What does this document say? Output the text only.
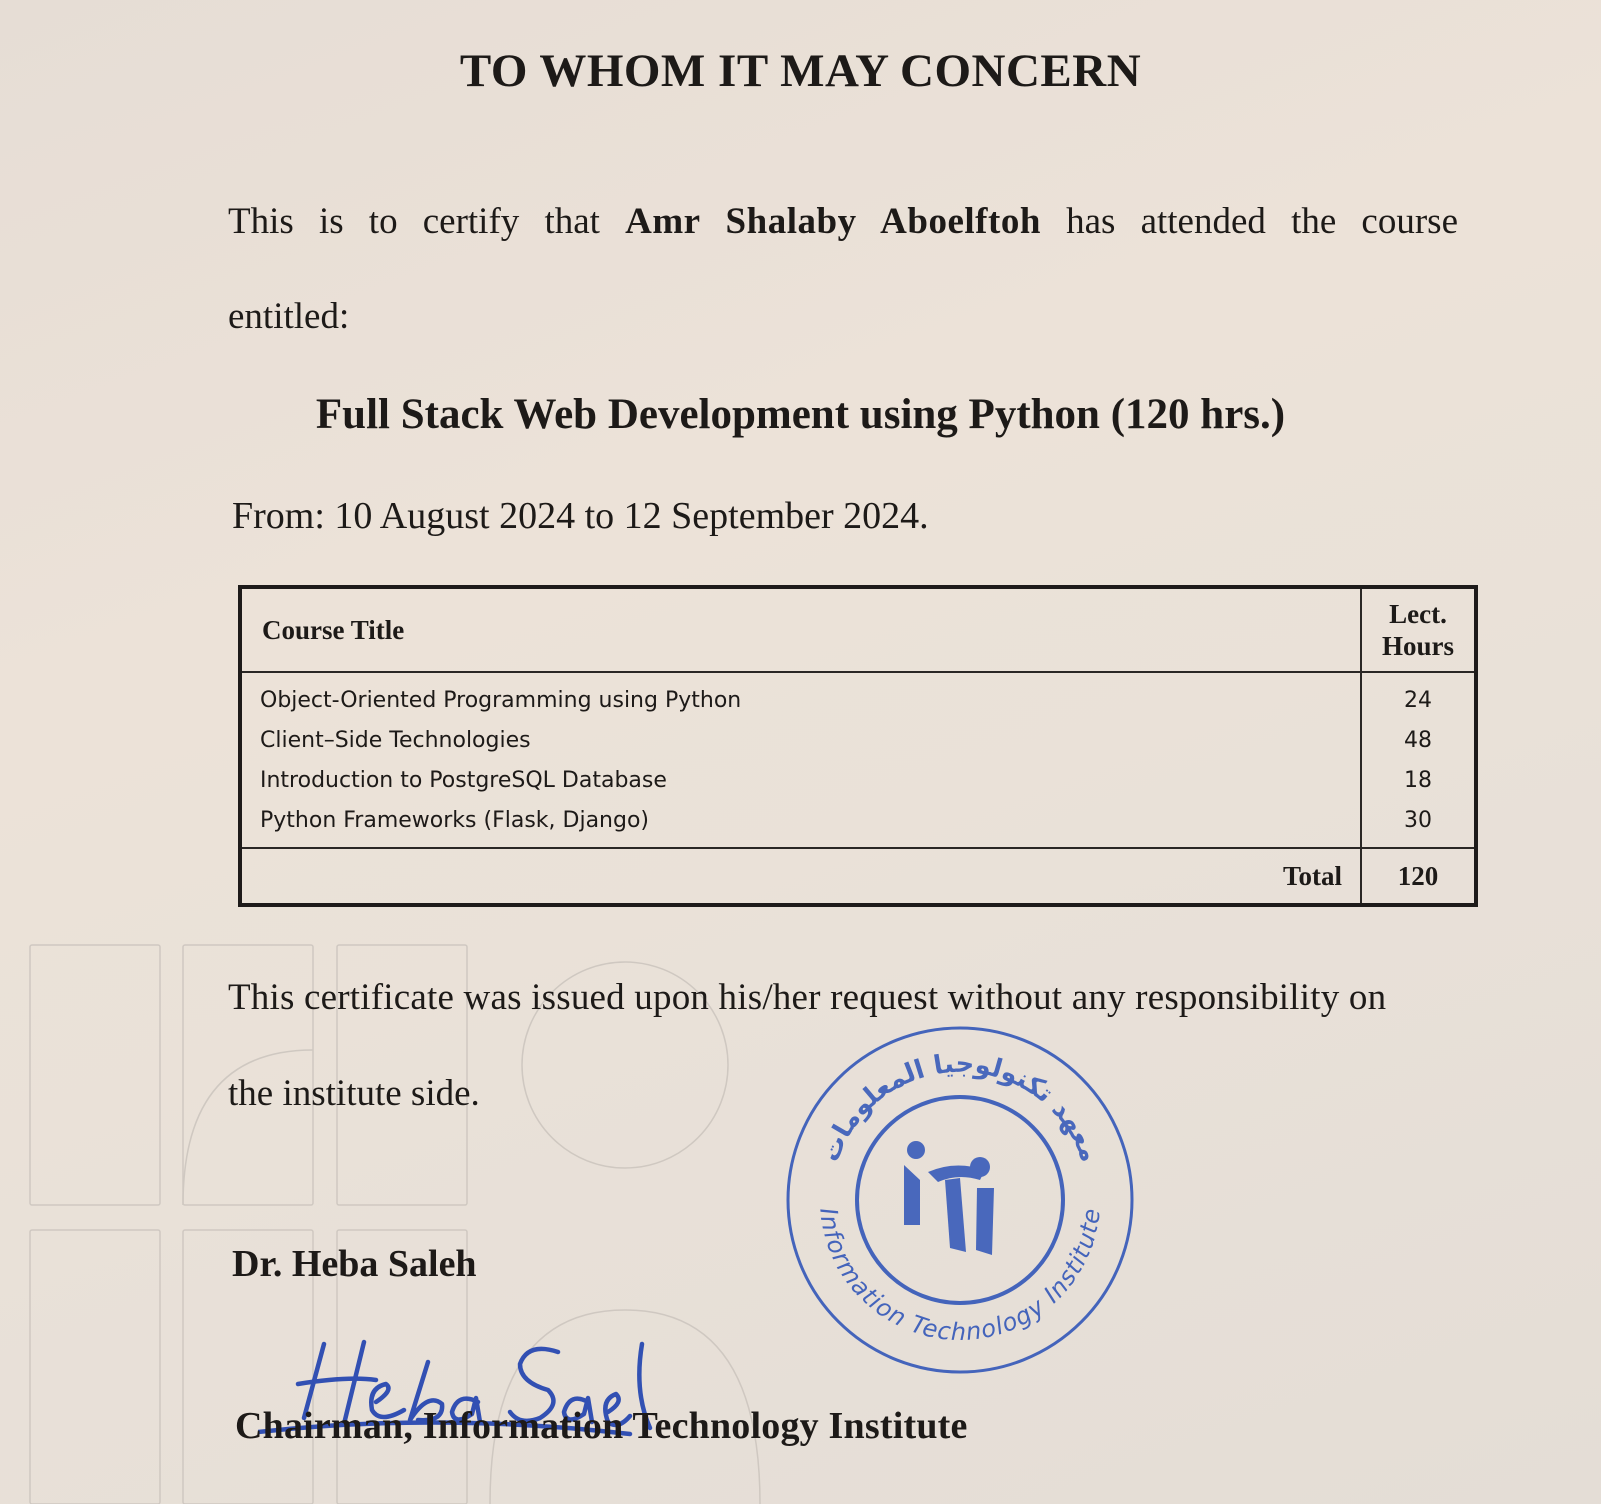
TO WHOM IT MAY CONCERN
This is to certify that Amr Shalaby Aboelftoh has attended the course
entitled:
Full Stack Web Development using Python (120 hrs.)
From: 10 August 2024 to 12 September 2024.
Course Title	Lect.
Hours
Object-Oriented Programming using Python	24
Client–Side Technologies	48
Introduction to PostgreSQL Database	18
Python Frameworks (Flask, Django)	30
Total	120
This certificate was issued upon his/her request without any responsibility on
the institute side.
Dr. Heba Saleh
Information Technology Institute
معهد تكنولوجيا المعلومات
Chairman, Information Technology Institute
